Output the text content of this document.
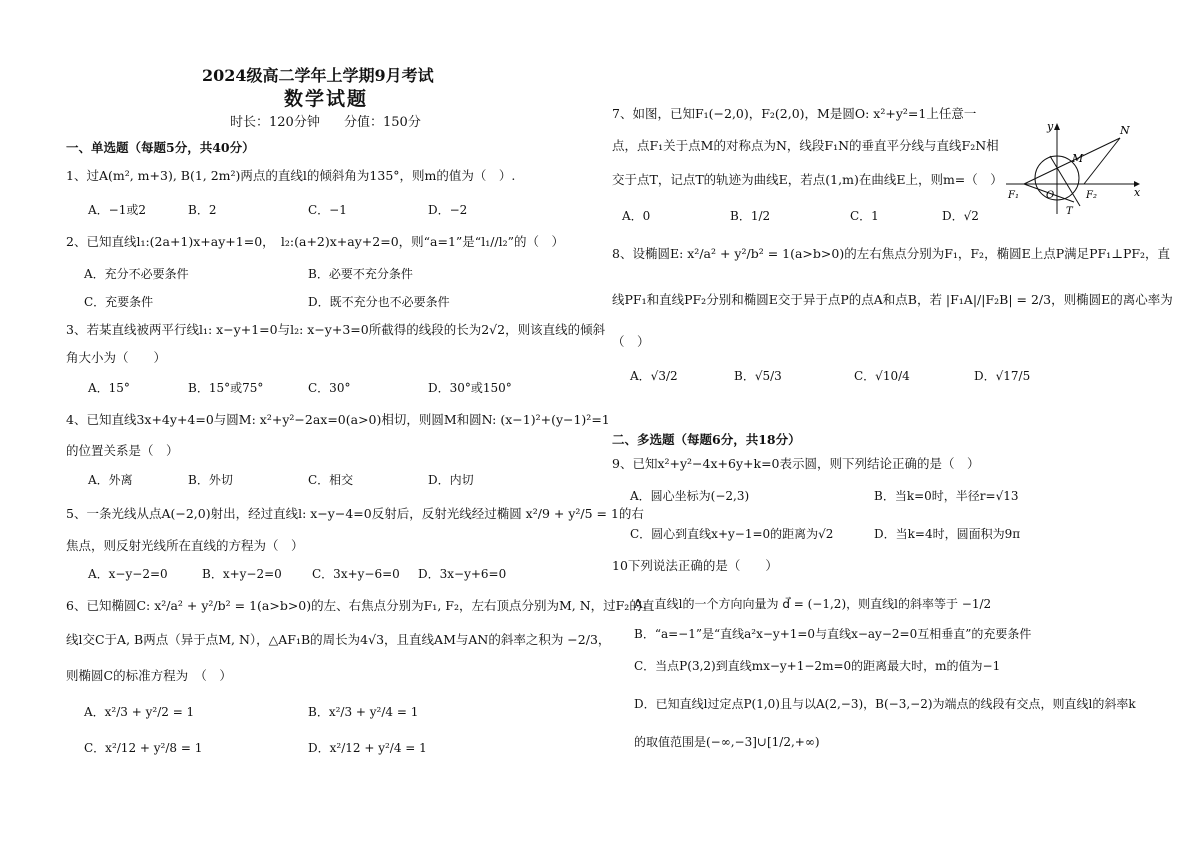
2024级高二学年上学期9月考试
数学试题
时长：120分钟 分值：150分
一、单选题（每题5分，共40分）
1、过A(m², m+3), B(1, 2m²)两点的直线l的倾斜角为135°，则m的值为（　）.
A．−1或2	B．2	C．−1	D．−2
2、已知直线l₁:(2a+1)x+ay+1=0，　l₂:(a+2)x+ay+2=0，则“a=1”是“l₁//l₂”的（　）
A．充分不必要条件	B．必要不充分条件
C．充要条件	D．既不充分也不必要条件
3、若某直线被两平行线l₁: x−y+1=0与l₂: x−y+3=0所截得的线段的长为2√2，则该直线的倾斜
角大小为（　　）
A．15°	B．15°或75°	C．30°	D．30°或150°
4、已知直线3x+4y+4=0与圆M: x²+y²−2ax=0(a>0)相切，则圆M和圆N: (x−1)²+(y−1)²=1
的位置关系是（　）
A．外离	B．外切	C．相交	D．内切
5、一条光线从点A(−2,0)射出，经过直线l: x−y−4=0反射后，反射光线经过椭圆 x²/9 + y²/5 = 1的右
焦点，则反射光线所在直线的方程为（　）
A．x−y−2=0	B．x+y−2=0	C．3x+y−6=0 D．3x−y+6=0
6、已知椭圆C: x²/a² + y²/b² = 1(a>b>0)的左、右焦点分别为F₁, F₂，左右顶点分别为M, N，过F₂的直
线l交C于A, B两点（异于点M, N），△AF₁B的周长为4√3，且直线AM与AN的斜率之积为 −2/3，
则椭圆C的标准方程为　（　）
A．x²/3 + y²/2 = 1	B．x²/3 + y²/4 = 1
C．x²/12 + y²/8 = 1	D．x²/12 + y²/4 = 1
7、如图，已知F₁(−2,0)，F₂(2,0)，M是圆O: x²+y²=1上任意一
点，点F₁关于点M的对称点为N，线段F₁N的垂直平分线与直线F₂N相
交于点T，记点T的轨迹为曲线E，若点(1,m)在曲线E上，则m=（　）
A．0	B．1/2	C．1	D．√2
y
x
N
M
F₁	O	F₂
T
8、设椭圆E: x²/a² + y²/b² = 1(a>b>0)的左右焦点分别为F₁，F₂，椭圆E上点P满足PF₁⊥PF₂，直
线PF₁和直线PF₂分别和椭圆E交于异于点P的点A和点B，若 |F₁A|/|F₂B| = 2/3，则椭圆E的离心率为
（　）
A．√3/2	B．√5/3	C．√10/4	D．√17/5
二、多选题（每题6分，共18分）
9、已知x²+y²−4x+6y+k=0表示圆，则下列结论正确的是（　）
A．圆心坐标为(−2,3)	B．当k=0时，半径r=√13
C．圆心到直线x+y−1=0的距离为√2	D．当k=4时，圆面积为9π
10下列说法正确的是（　　）
A．直线l的一个方向向量为 d⃗ = (−1,2)，则直线l的斜率等于 −1/2
B．“a=−1”是“直线a²x−y+1=0与直线x−ay−2=0互相垂直”的充要条件
C．当点P(3,2)到直线mx−y+1−2m=0的距离最大时，m的值为−1
D．已知直线l过定点P(1,0)且与以A(2,−3)，B(−3,−2)为端点的线段有交点，则直线l的斜率k
的取值范围是(−∞,−3]∪[1/2,+∞)
